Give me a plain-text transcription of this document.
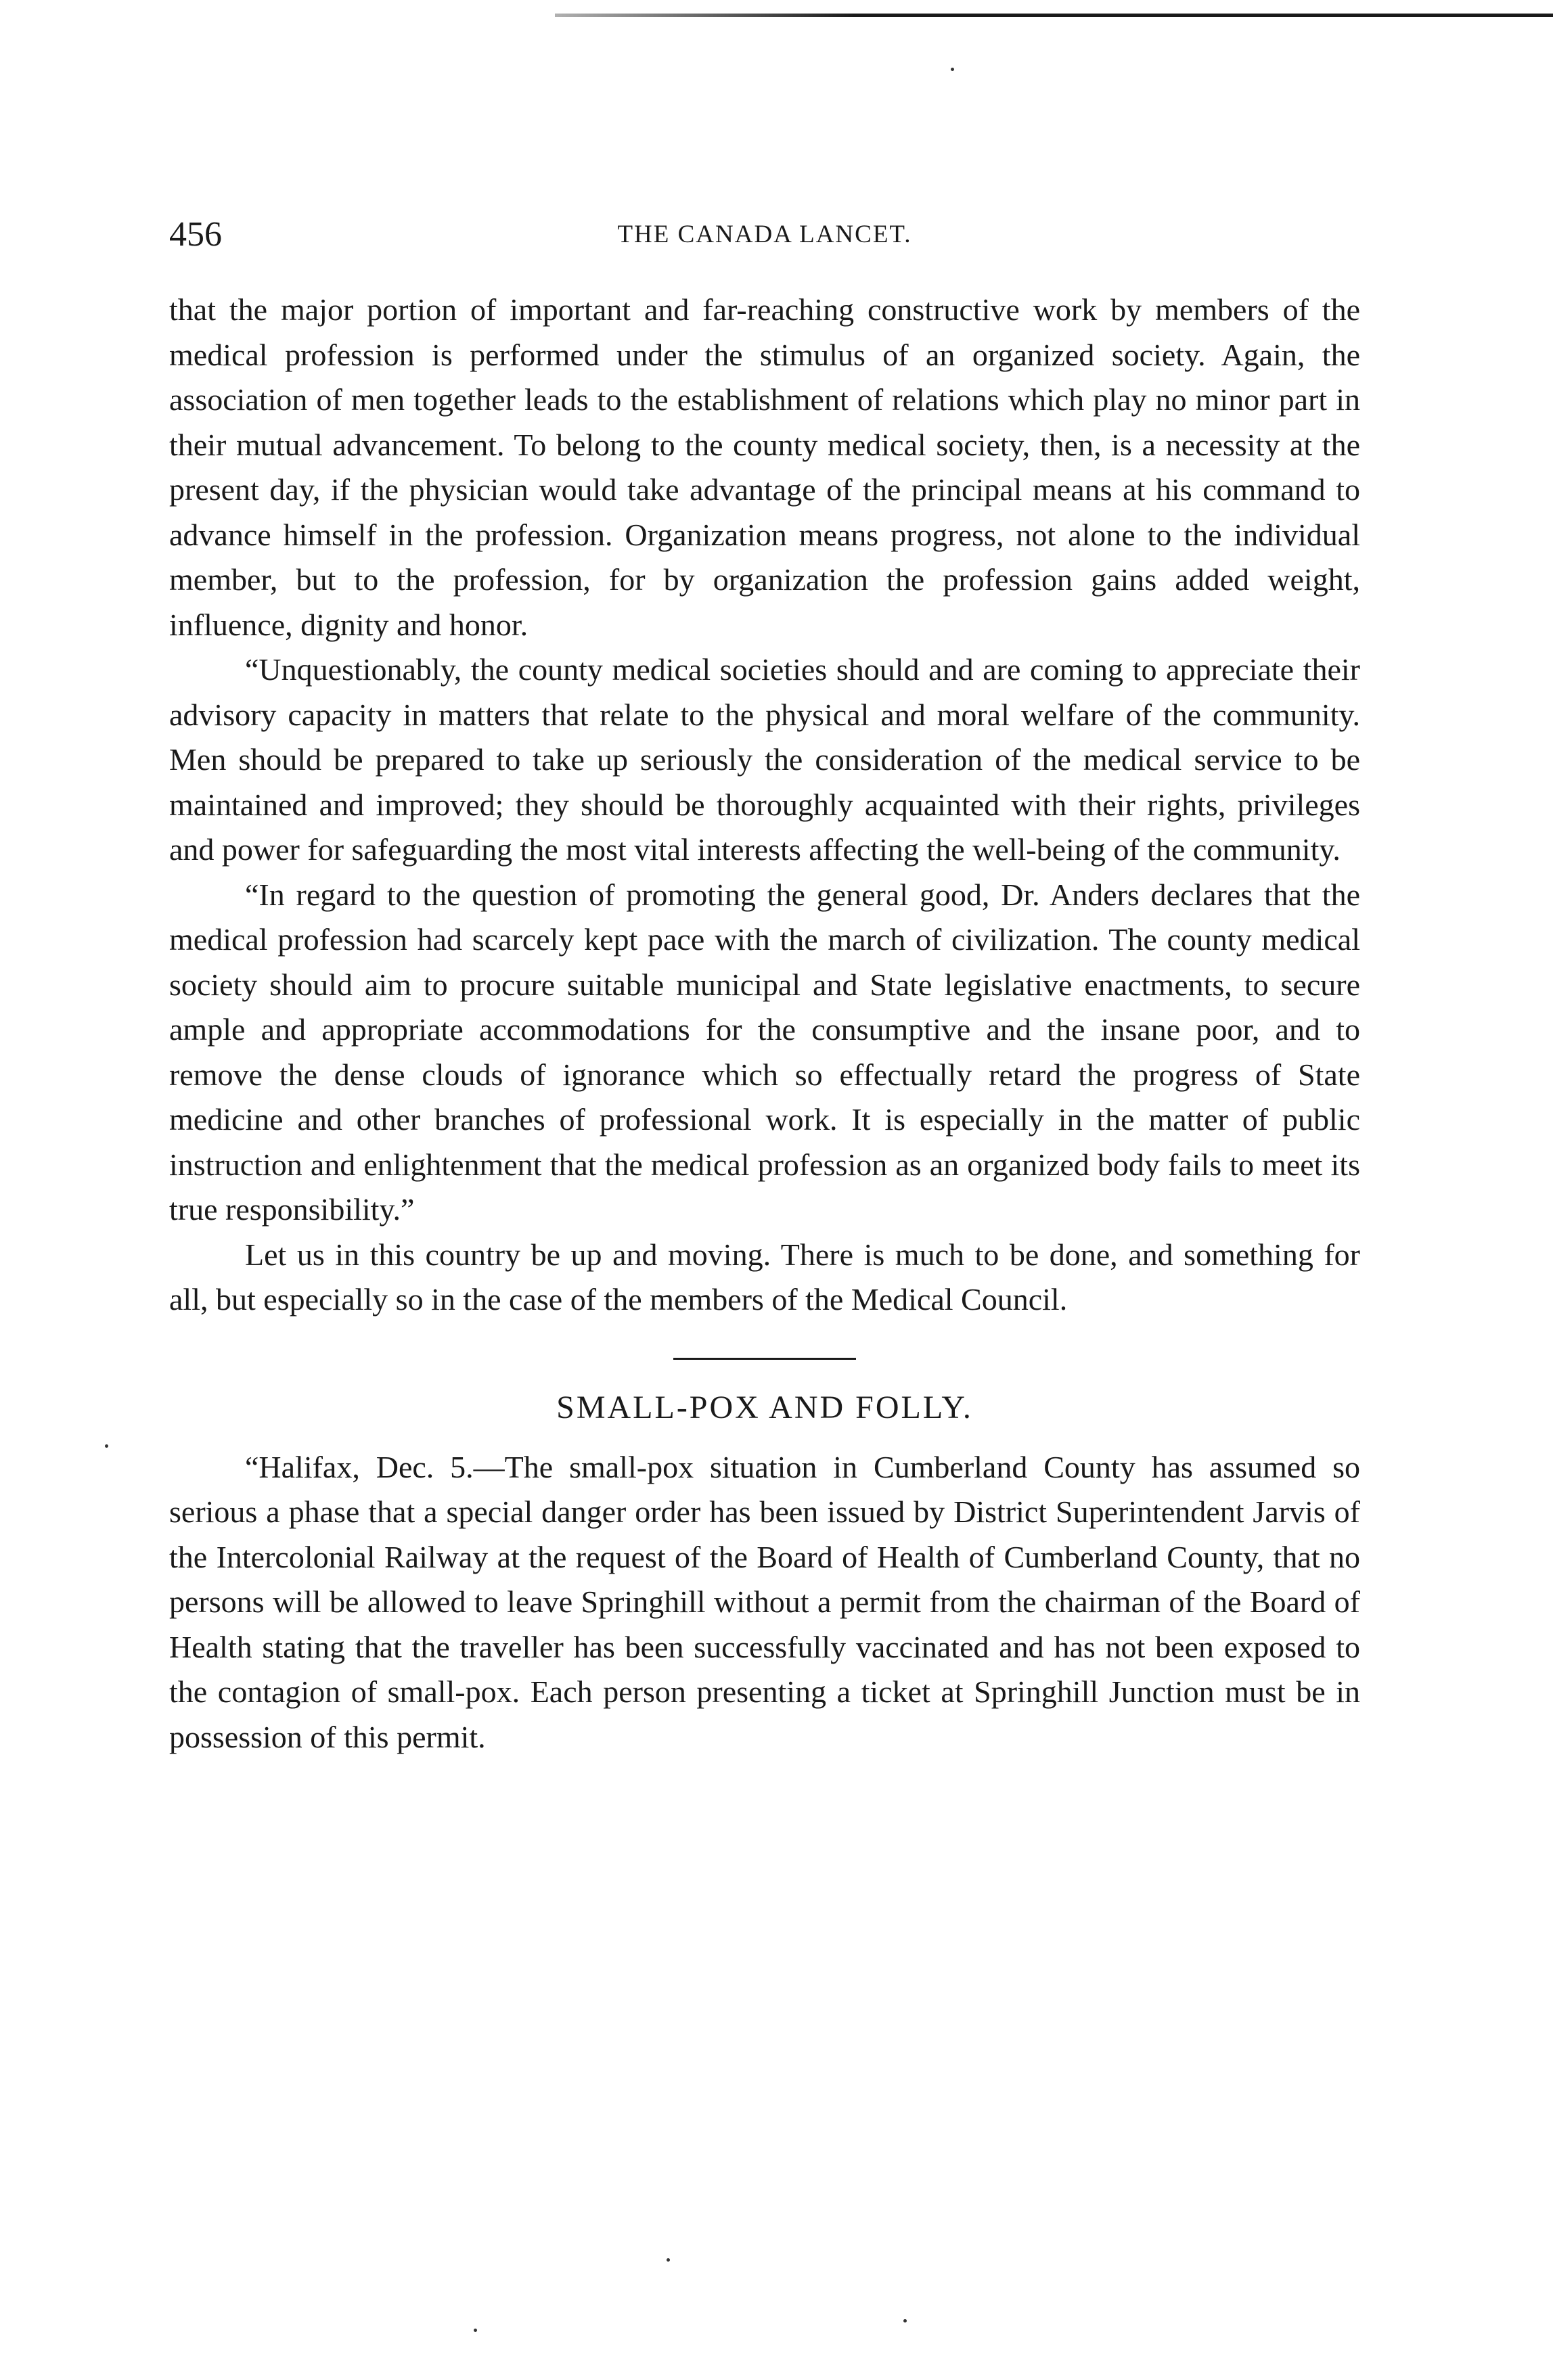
456	THE CANADA LANCET.

that the major portion of important and far-reaching constructive work by members of the medical profession is performed under the stimulus of an organized society. Again, the association of men together leads to the establishment of relations which play no minor part in their mutual advancement. To belong to the county medical society, then, is a necessity at the present day, if the physician would take advantage of the principal means at his command to advance himself in the profession. Organization means progress, not alone to the individual member, but to the profession, for by organization the profession gains added weight, influence, dignity and honor.

“Unquestionably, the county medical societies should and are coming to appreciate their advisory capacity in matters that relate to the physical and moral welfare of the community. Men should be prepared to take up seriously the consideration of the medical service to be maintained and improved; they should be thoroughly acquainted with their rights, privileges and power for safeguarding the most vital interests affecting the well-being of the community.

“In regard to the question of promoting the general good, Dr. Anders declares that the medical profession had scarcely kept pace with the march of civilization. The county medical society should aim to procure suitable municipal and State legislative enactments, to secure ample and appropriate accommodations for the consumptive and the insane poor, and to remove the dense clouds of ignorance which so effectually retard the progress of State medicine and other branches of professional work. It is especially in the matter of public instruction and enlightenment that the medical profession as an organized body fails to meet its true responsibility.”

Let us in this country be up and moving. There is much to be done, and something for all, but especially so in the case of the members of the Medical Council.

SMALL-POX AND FOLLY.

“Halifax, Dec. 5.—The small-pox situation in Cumberland County has assumed so serious a phase that a special danger order has been issued by District Superintendent Jarvis of the Intercolonial Railway at the request of the Board of Health of Cumberland County, that no persons will be allowed to leave Springhill without a permit from the chairman of the Board of Health stating that the traveller has been successfully vaccinated and has not been exposed to the contagion of small-pox. Each person presenting a ticket at Springhill Junction must be in possession of this permit.
